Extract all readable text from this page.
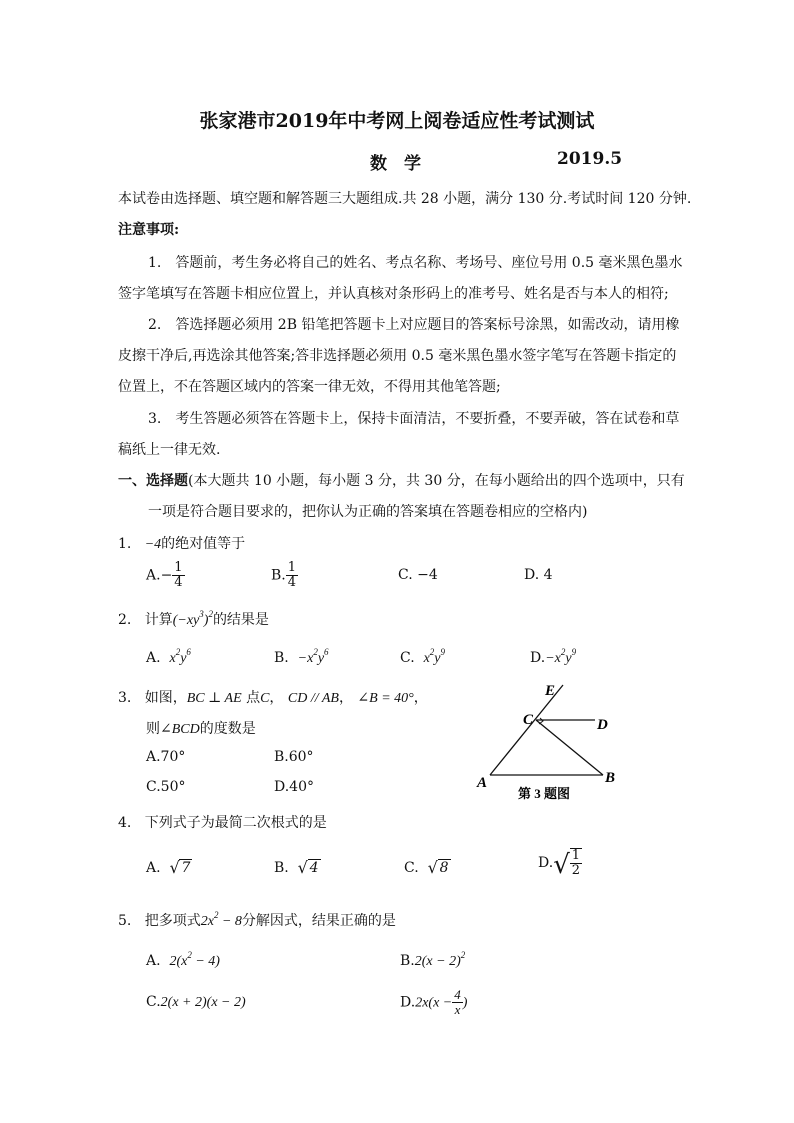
张家港市2019年中考网上阅卷适应性考试测试
数　学	2019.5
本试卷由选择题、填空题和解答题三大题组成.共 28 小题，满分 130 分.考试时间 120 分钟.
注意事项:
1.　答题前，考生务必将自己的姓名、考点名称、考场号、座位号用 0.5 毫米黑色墨水
签字笔填写在答题卡相应位置上，并认真核对条形码上的准考号、姓名是否与本人的相符;
2.　答选择题必须用 2B 铅笔把答题卡上对应题目的答案标号涂黑，如需改动，请用橡
皮擦干净后,再选涂其他答案;答非选择题必须用 0.5 毫米黑色墨水签字笔写在答题卡指定的
位置上，不在答题区域内的答案一律无效，不得用其他笔答题;
3.　考生答题必须答在答题卡上，保持卡面清洁，不要折叠，不要弄破，答在试卷和草
稿纸上一律无效.
一、选择题(本大题共 10 小题，每小题 3 分，共 30 分，在每小题给出的四个选项中，只有
一项是符合题目要求的，把你认为正确的答案填在答题卷相应的空格内)
1. −4的绝对值等于
$A.- \frac{1}{4}$	B. $\frac{1}{4}$	C. −4	D. 4
2. 计算$(-xy^3)^2$的结果是
A. $x^2y^6$	B. $-x^2y^6$	C. $x^2y^9$	$D.-x^2y^9$
3. 如图，BC ⊥ AE 点C， CD // AB， ∠B = 40°，
则∠BCD的度数是
A.70°	B.60°
C.50°	D.40°
E
C	D
A	B
第 3 题图
4. 下列式子为最简二次根式的是
A. √ 7	B. √ 4	C. √ 8	$D.√ \frac{1}{2}$
5. 把多项式$2x^2 - 8$分解因式，结果正确的是
A. $2(x^2 - 4)$	$B.2(x - 2)^2$
C.2(x + 2)(x − 2)	$D.2x(x - \frac{4}{x}$ )
